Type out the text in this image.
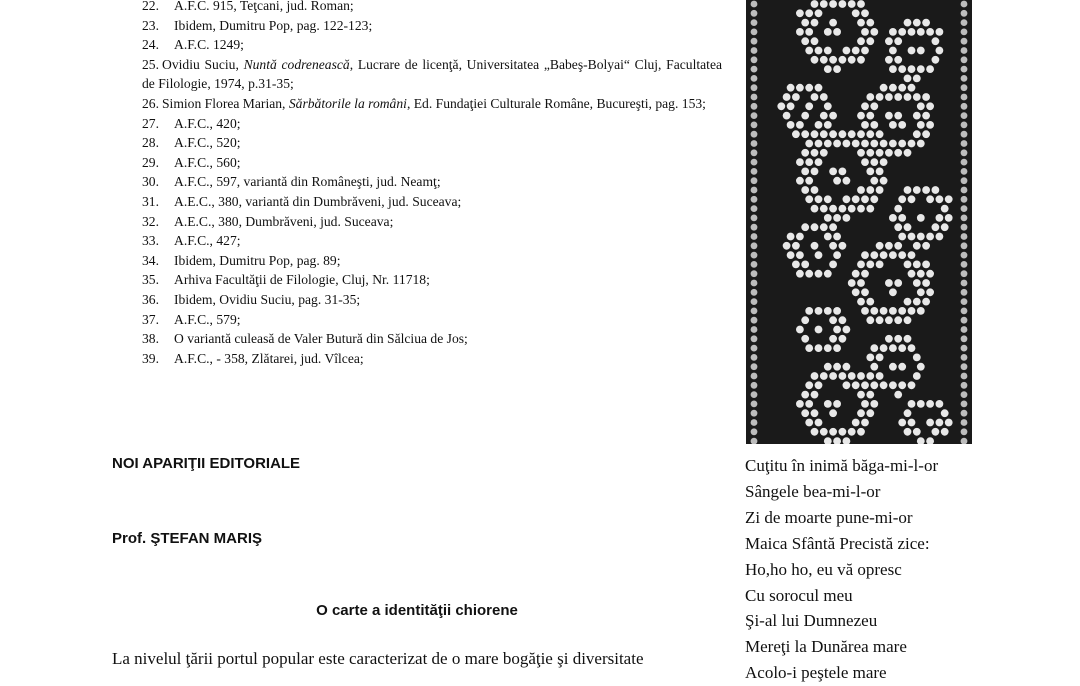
22.	A.F.C. 915, Teţcani, jud. Roman;
23.	Ibidem, Dumitru Pop, pag. 122-123;
24.	A.F.C. 1249;
25. Ovidiu Suciu, Nuntă codrenească, Lucrare de licenţă, Universitatea „Babeş-Bolyai“ Cluj, Facultatea de Filologie, 1974, p.31-35;
26. Simion Florea Marian, Sărbătorile la români, Ed. Fundaţiei Culturale Române, Bucureşti, pag. 153;
27.	A.F.C., 420;
28.	A.F.C., 520;
29.	A.F.C., 560;
30.	A.F.C., 597, variantă din Româneşti, jud. Neamţ;
31.	A.E.C., 380, variantă din Dumbrăveni, jud. Suceava;
32.	A.E.C., 380, Dumbrăveni, jud. Suceava;
33.	A.F.C., 427;
34.	Ibidem, Dumitru Pop, pag. 89;
35.	Arhiva Facultăţii de Filologie, Cluj, Nr. 11718;
36.	Ibidem, Ovidiu Suciu, pag. 31-35;
37.	A.F.C., 579;
38.	O variantă culeasă de Valer Butură din Sălciua de Jos;
39.	A.F.C., - 358, Zlătarei, jud. Vîlcea;
NOI APARIŢII EDITORIALE
Prof. ŞTEFAN MARIŞ
O carte a identităţii chiorene
La nivelul ţării portul popular este caracterizat de o mare bogăţie şi diversitate
Cuţitu în inimă băga-mi-l-or
Sângele bea-mi-l-or
Zi de moarte pune-mi-or
Maica Sfântă Precistă zice:
Ho,ho ho, eu vă opresc
Cu sorocul meu
Şi-al lui Dumnezeu
Mereţi la Dunărea mare
Acolo-i peştele mare
